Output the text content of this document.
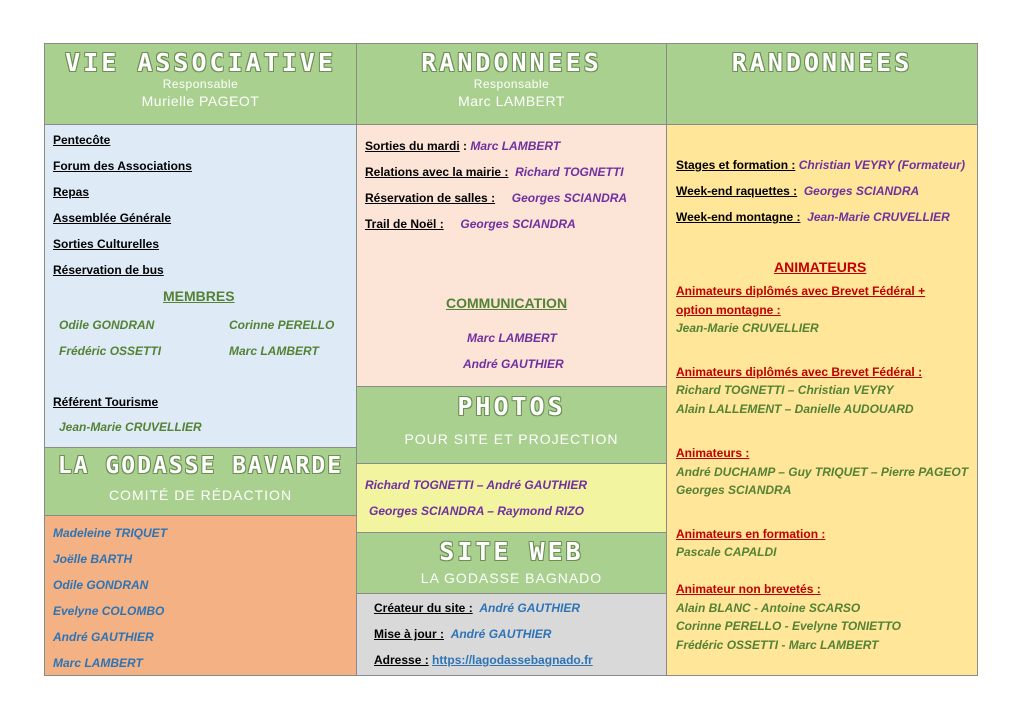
VIE ASSOCIATIVE
Responsable
Murielle PAGEOT
Pentecôte
Forum des Associations
Repas
Assemblée Générale
Sorties Culturelles
Réservation de bus
MEMBRES
Odile GONDRAN	Corinne PERELLO
Frédéric OSSETTI	Marc LAMBERT
Référent Tourisme
Jean-Marie CRUVELLIER
LA GODASSE BAVARDE
COMITÉ DE RÉDACTION
Madeleine TRIQUET
Joëlle BARTH
Odile GONDRAN
Evelyne COLOMBO
André GAUTHIER
Marc LAMBERT
RANDONNEES
Responsable
Marc LAMBERT
Sorties du mardi : Marc LAMBERT
Relations avec la mairie : Richard TOGNETTI
Réservation de salles : Georges SCIANDRA
Trail de Noël : Georges SCIANDRA
COMMUNICATION
Marc LAMBERT
André GAUTHIER
PHOTOS
POUR SITE ET PROJECTION
Richard TOGNETTI – André GAUTHIER
Georges SCIANDRA – Raymond RIZO
SITE WEB
LA GODASSE BAGNADO
Créateur du site : André GAUTHIER
Mise à jour : André GAUTHIER
Adresse : https://lagodassebagnado.fr
RANDONNEES
Stages et formation : Christian VEYRY (Formateur)
Week-end raquettes : Georges SCIANDRA
Week-end montagne : Jean-Marie CRUVELLIER
ANIMATEURS
Animateurs diplômés avec Brevet Fédéral +
option montagne :
Jean-Marie CRUVELLIER
Animateurs diplômés avec Brevet Fédéral :
Richard TOGNETTI – Christian VEYRY
Alain LALLEMENT – Danielle AUDOUARD
Animateurs :
André DUCHAMP – Guy TRIQUET – Pierre PAGEOT
Georges SCIANDRA
Animateurs en formation :
Pascale CAPALDI
Animateur non brevetés :
Alain BLANC - Antoine SCARSO
Corinne PERELLO - Evelyne TONIETTO
Frédéric OSSETTI - Marc LAMBERT
